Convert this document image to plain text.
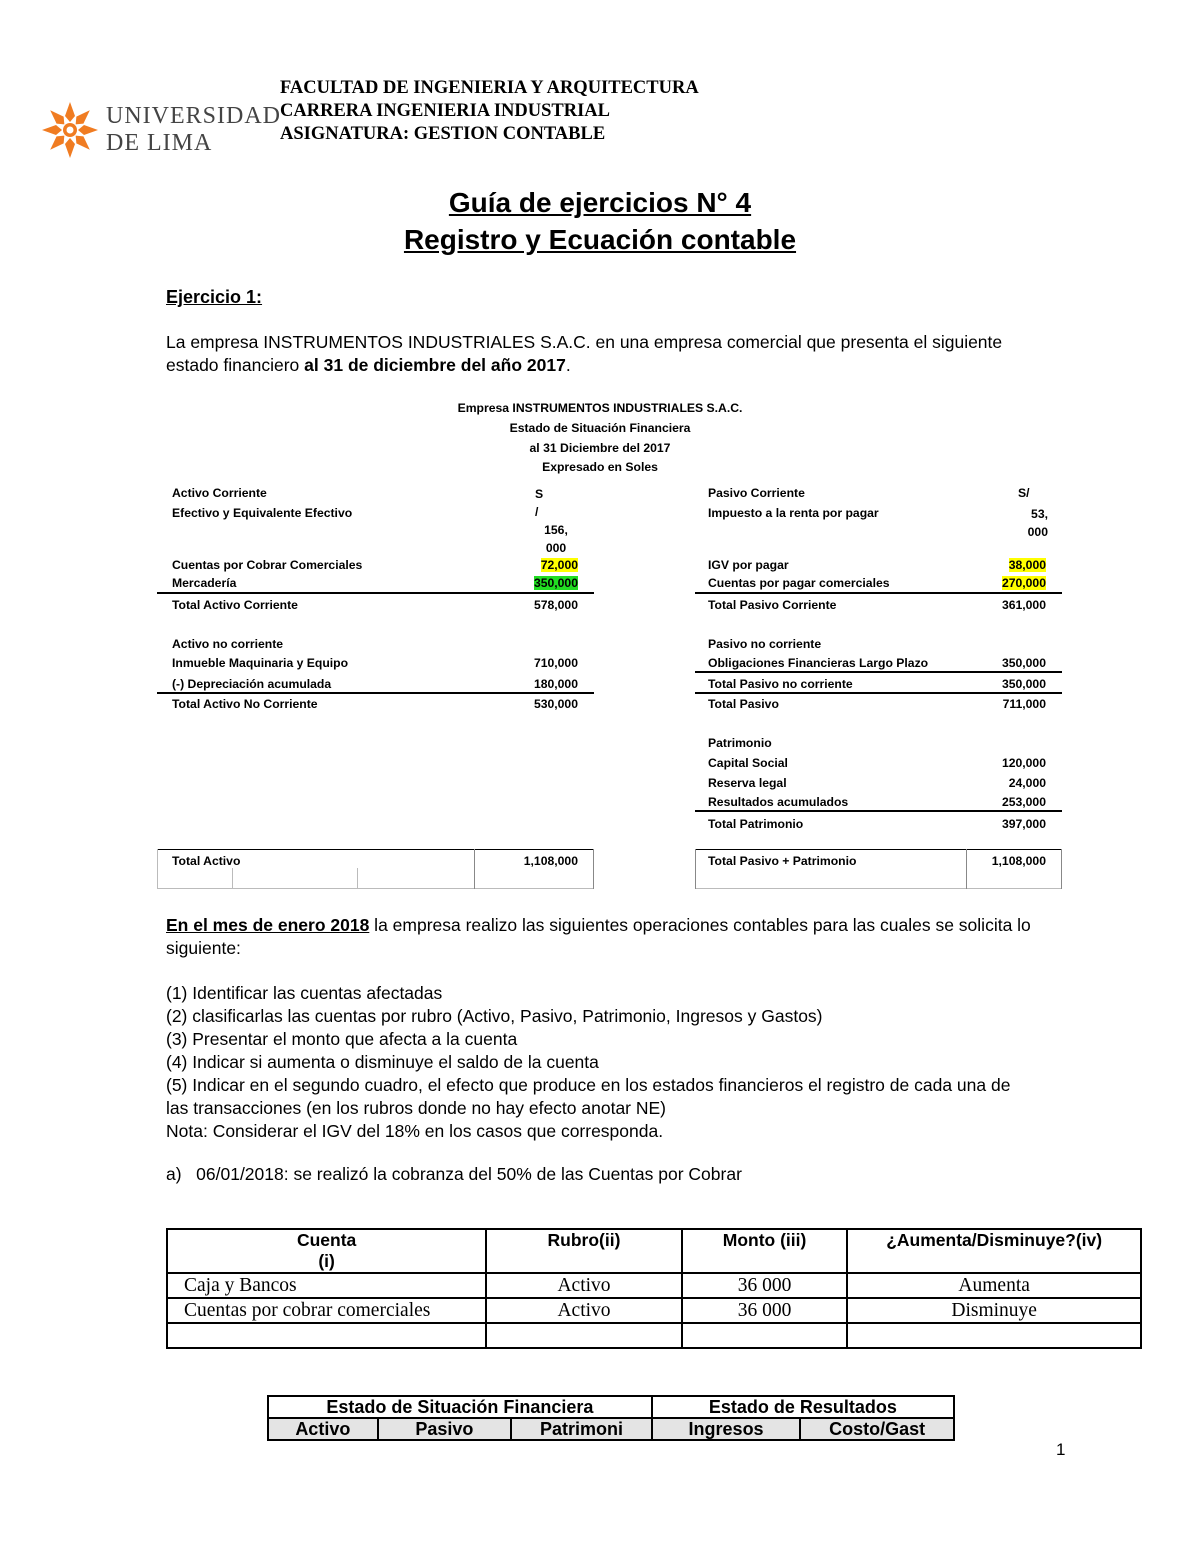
UNIVERSIDAD
DE LIMA
FACULTAD DE INGENIERIA Y ARQUITECTURA
CARRERA INGENIERIA INDUSTRIAL
ASIGNATURA: GESTION CONTABLE
Guía de ejercicios N° 4
Registro y Ecuación contable
Ejercicio 1:
La empresa INSTRUMENTOS INDUSTRIALES S.A.C. en una empresa comercial que presenta el siguiente estado financiero al 31 de diciembre del año 2017.
Empresa INSTRUMENTOS INDUSTRIALES S.A.C.
Estado de Situación Financiera
al 31 Diciembre del 2017
Expresado en Soles
Activo Corriente	S /
Efectivo y Equivalente Efectivo
156, 000
Cuentas por Cobrar Comerciales	72,000
Mercadería	350,000
Total Activo Corriente	578,000
Activo no corriente
Inmueble Maquinaria y Equipo	710,000
(-) Depreciación acumulada	180,000
Total Activo No Corriente	530,000
Pasivo Corriente	S/
Impuesto a la renta por pagar	53, 000
IGV por pagar	38,000
Cuentas por pagar comerciales	270,000
Total Pasivo Corriente	361,000
Pasivo no corriente
Obligaciones Financieras Largo Plazo	350,000
Total Pasivo no corriente	350,000
Total Pasivo	711,000
Patrimonio
Capital Social	120,000
Reserva legal	24,000
Resultados acumulados	253,000
Total Patrimonio	397,000
Total Activo	1,108,000	Total Pasivo + Patrimonio	1,108,000
En el mes de enero 2018 la empresa realizo las siguientes operaciones contables para las cuales se solicita lo siguiente:
(1) Identificar las cuentas afectadas
(2) clasificarlas las cuentas por rubro (Activo, Pasivo, Patrimonio, Ingresos y Gastos)
(3) Presentar el monto que afecta a la cuenta
(4) Indicar si aumenta o disminuye el saldo de la cuenta
(5) Indicar en el segundo cuadro, el efecto que produce en los estados financieros el registro de cada una de las transacciones (en los rubros donde no hay efecto anotar NE)
Nota: Considerar el IGV del 18% en los casos que corresponda.
a)   06/01/2018: se realizó la cobranza del 50% de las Cuentas por Cobrar
Cuenta
(i)	Rubro(ii)	Monto (iii)	¿Aumenta/Disminuye?(iv)
Caja y Bancos	Activo	36 000	Aumenta
Cuentas por cobrar comerciales	Activo	36 000	Disminuye

Estado de Situación Financiera			Estado de Resultados	
Activo	Pasivo	Patrimoni	Ingresos	Costo/Gast
1
